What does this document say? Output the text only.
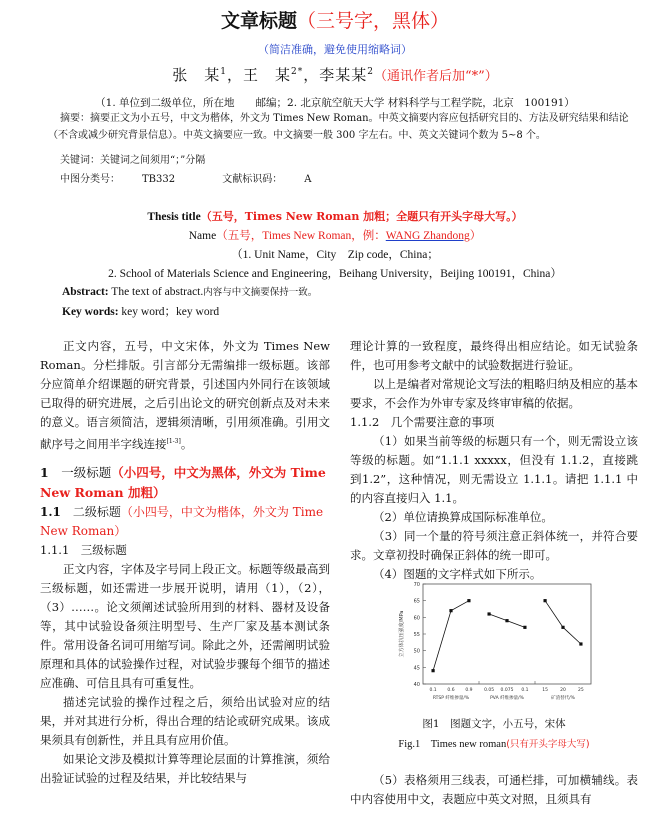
文章标题（三号字，黑体）
（简洁准确，避免使用缩略词）
张　某$^1$，王　某$^{2*}$，李某某$^2$（通讯作者后加“*”）
（1. 单位到二级单位，所在地　　邮编；2. 北京航空航天大学 材料科学与工程学院，北京　100191）
摘要：摘要正文为小五号，中文为楷体，外文为 Times New Roman。中英文摘要内容应包括研究目的、方法及研究结果和结论（不含或减少研究背景信息）。中英文摘要应一致。中文摘要一般 300 字左右。中、英文关键词个数为 5~8 个。
关键词：关键词之间须用“；”分隔
中图分类号： TB332	文献标识码： A
Thesis title（五号，Times New Roman 加粗；全题只有开头字母大写。）
Name（五号，Times New Roman，例：WANG Zhandong）
（1. Unit Name，City　Zip code，China；
2. School of Materials Science and Engineering，Beihang University，Beijing 100191，China）
Abstract: The text of abstract.内容与中文摘要保持一致。
Key words: key word；key word

正文内容，五号，中文宋体，外文为 Times New Roman。分栏排版。引言部分无需编排一级标题。该部分应简单介绍课题的研究背景，引述国内外同行在该领域已取得的研究进展，之后引出论文的研究创新点及对未来的意义。语言须简洁，逻辑须清晰，引用须准确。引用文献序号之间用半字线连接[1-3]。

1　 一级标题（小四号，中文为黑体，外文为 Time New Roman 加粗）
1.1　 二级标题（小四号，中文为楷体，外文为 Time New Roman）
1.1.1　 三级标题

正文内容，字体及字号同上段正文。标题等级最高到三级标题，如还需进一步展开说明，请用（1），（2），（3）……。论文须阐述试验所用到的材料、器材及设备等，其中试验设备须注明型号、生产厂家及基本测试条件。常用设备名词可用缩写词。除此之外，还需阐明试验原理和具体的试验操作过程，对试验步骤每个细节的描述应准确、可信且具有可重复性。

描述完试验的操作过程之后，须给出试验对应的结果，并对其进行分析，得出合理的结论或研究成果。该成果须具有创新性，并且具有应用价值。

如果论文涉及模拟计算等理论层面的计算推演，须给出验证试验的过程及结果，并比较结果与

理论计算的一致程度，最终得出相应结论。如无试验条件，也可用参考文献中的试验数据进行验证。

以上是编者对常规论文写法的粗略归纳及相应的基本要求，不会作为外审专家及终审审稿的依据。

1.1.2　 几个需要注意的事项

（1）如果当前等级的标题只有一个，则无需设立该等级的标题。如“1.1.1 xxxxx，但没有 1.1.2，直接跳到1.2”，这种情况，则无需设立 1.1.1。请把 1.1.1 中的内容直接归入 1.1。

（2）单位请换算成国际标准单位。

（3）同一个量的符号须注意正斜体统一，并符合要求。文章初投时确保正斜体的统一即可。

（4）图题的文字样式如下所示。

40
45
50
55
60
65
70
立方体抗压强度/MPa
0.1 0.6 0.9
RTSP 纤维掺量/%
0.05 0.075 0.1
PVA 纤维掺量/%
15	20	25
矿渣替代/%
图1　图题文字，小五号，宋体
Fig.1　Times new roman(只有开头字母大写)

（5）表格须用三线表，可通栏排，可加横辅线。表中内容使用中文，表题应中英文对照，且须具有
